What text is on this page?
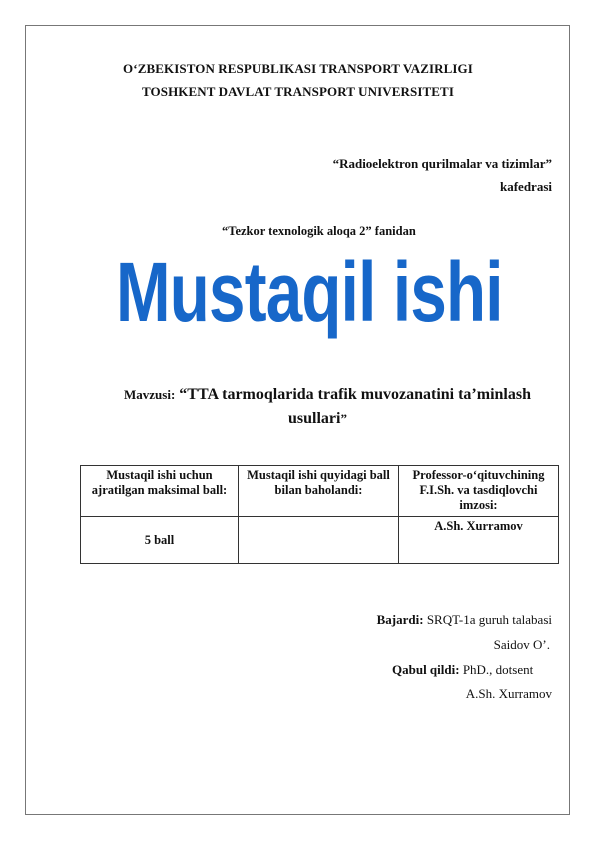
O‘ZBEKISTON RESPUBLIKASI TRANSPORT VAZIRLIGI
TOSHKENT DAVLAT TRANSPORT UNIVERSITETI
“Radioelektron qurilmalar va tizimlar”
kafedrasi
“Tezkor texnologik aloqa 2” fanidan
Mustaqil ishi
Mavzusi: “TTA tarmoqlarida trafik muvozanatini ta’minlash
usullari”
Mustaqil ishi uchun ajratilgan maksimal ball:	Mustaqil ishi quyidagi ball bilan baholandi:	Professor-o‘qituvchining F.I.Sh. va tasdiqlovchi imzosi:
5 ball		A.Sh. Xurramov
Bajardi: SRQT-1a guruh talabasi
Saidov O’.
Qabul qildi: PhD., dotsent
A.Sh. Xurramov
